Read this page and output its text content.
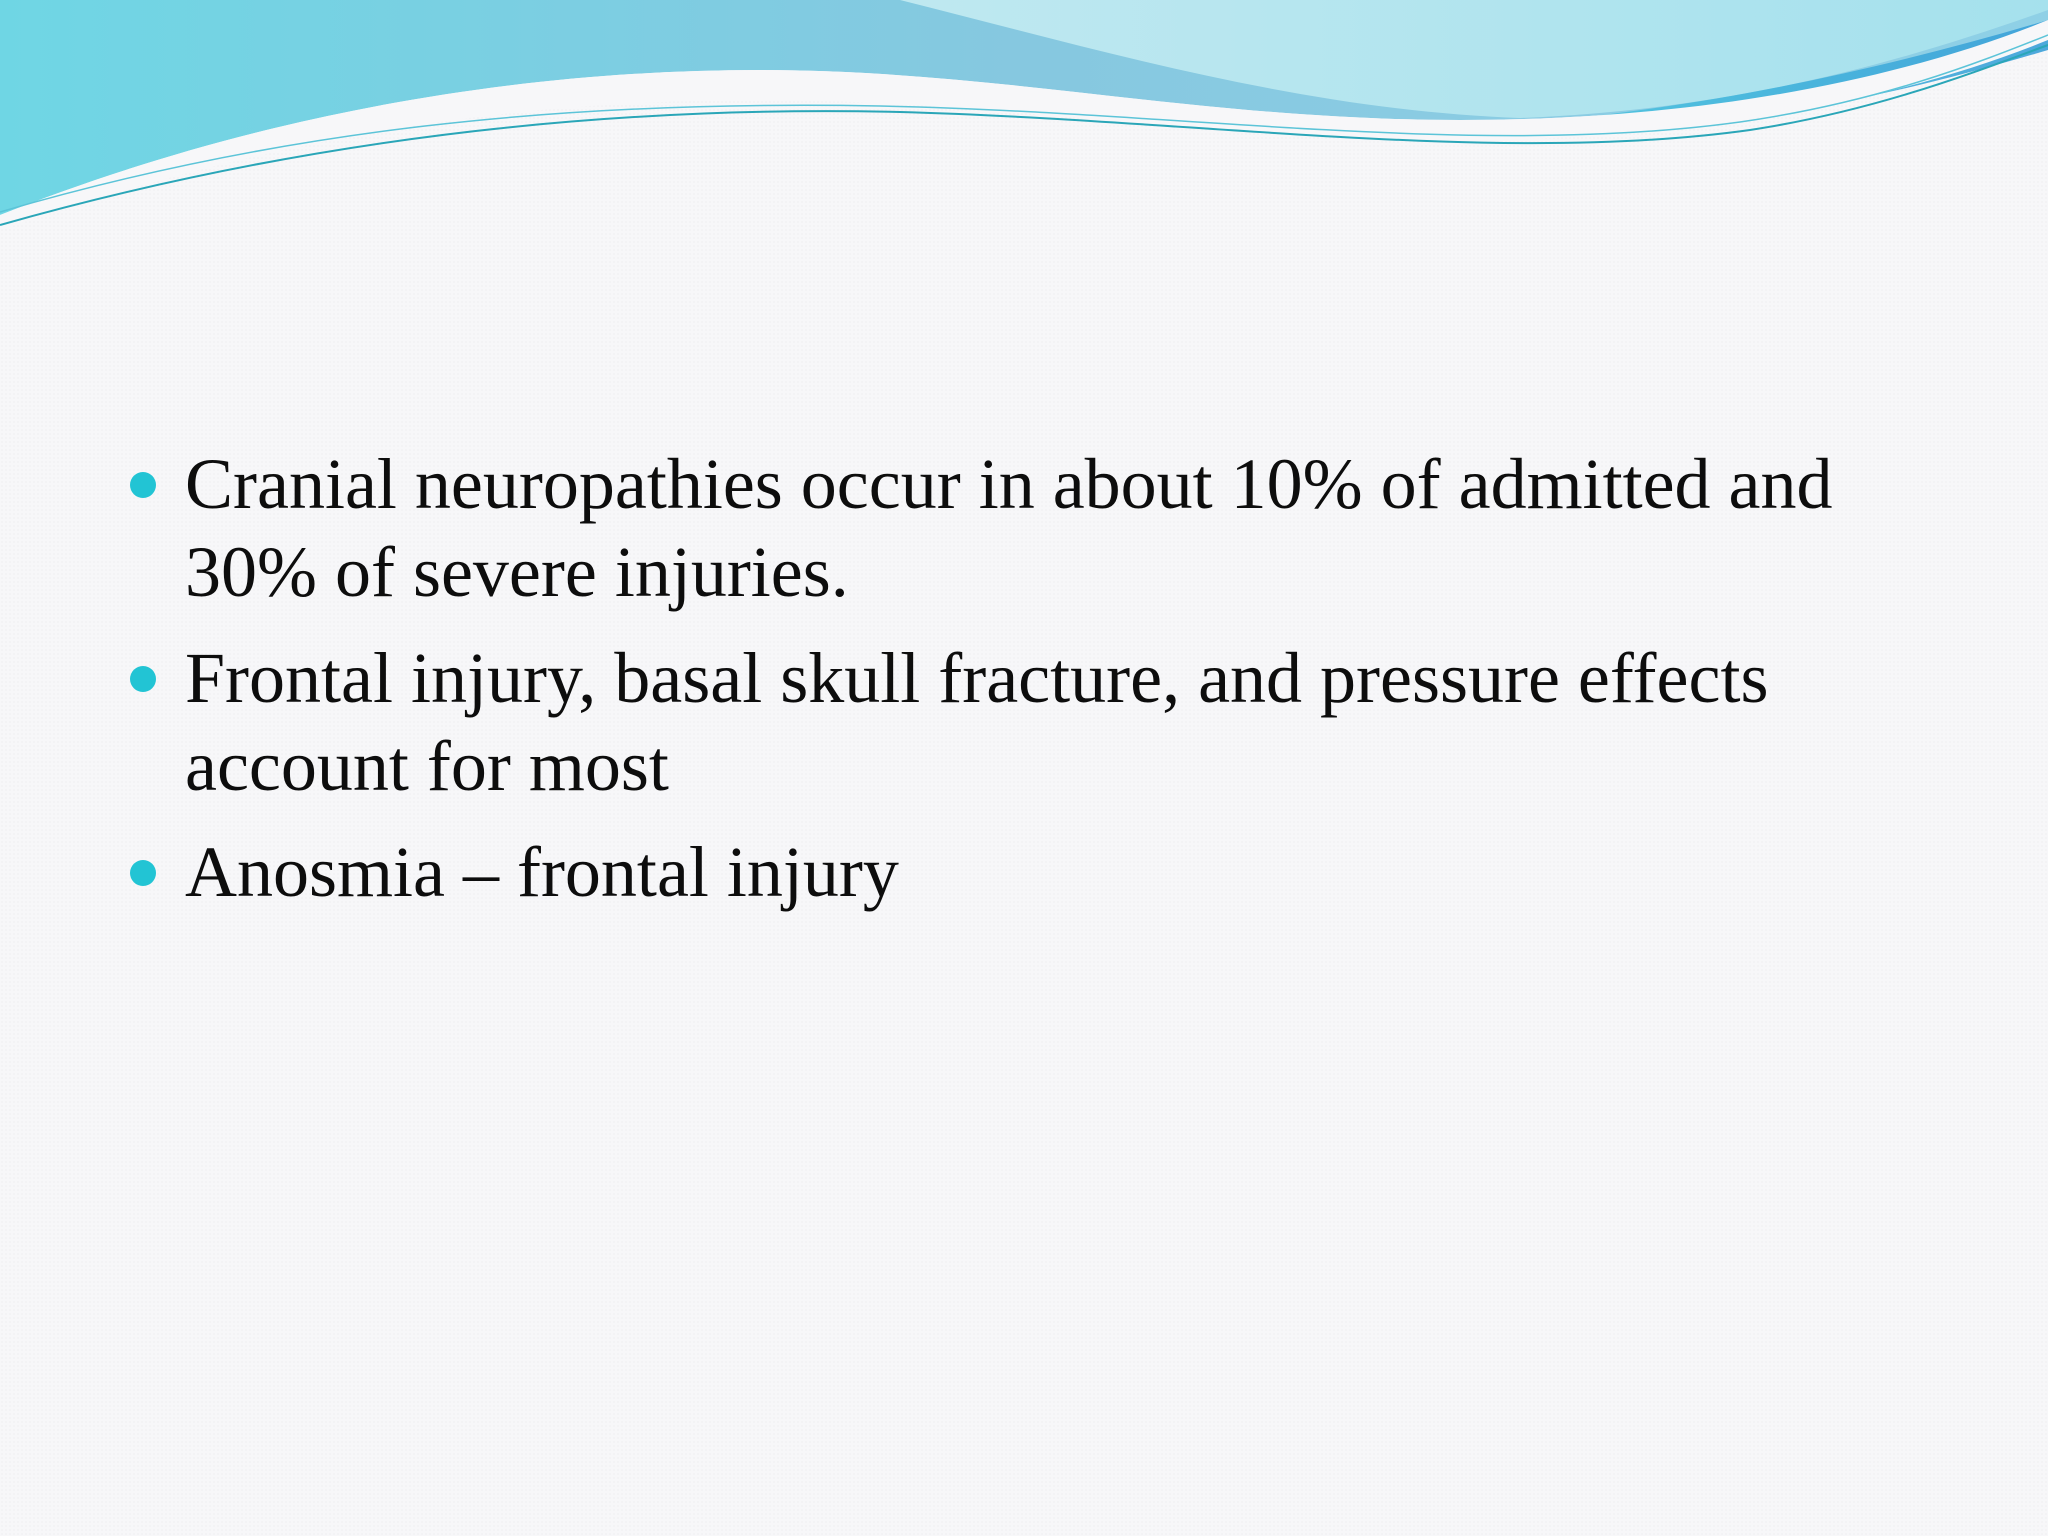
Cranial neuropathies occur in about 10% of admitted and 30% of severe injuries.
Frontal injury, basal skull fracture, and pressure effects account for most
Anosmia – frontal injury
